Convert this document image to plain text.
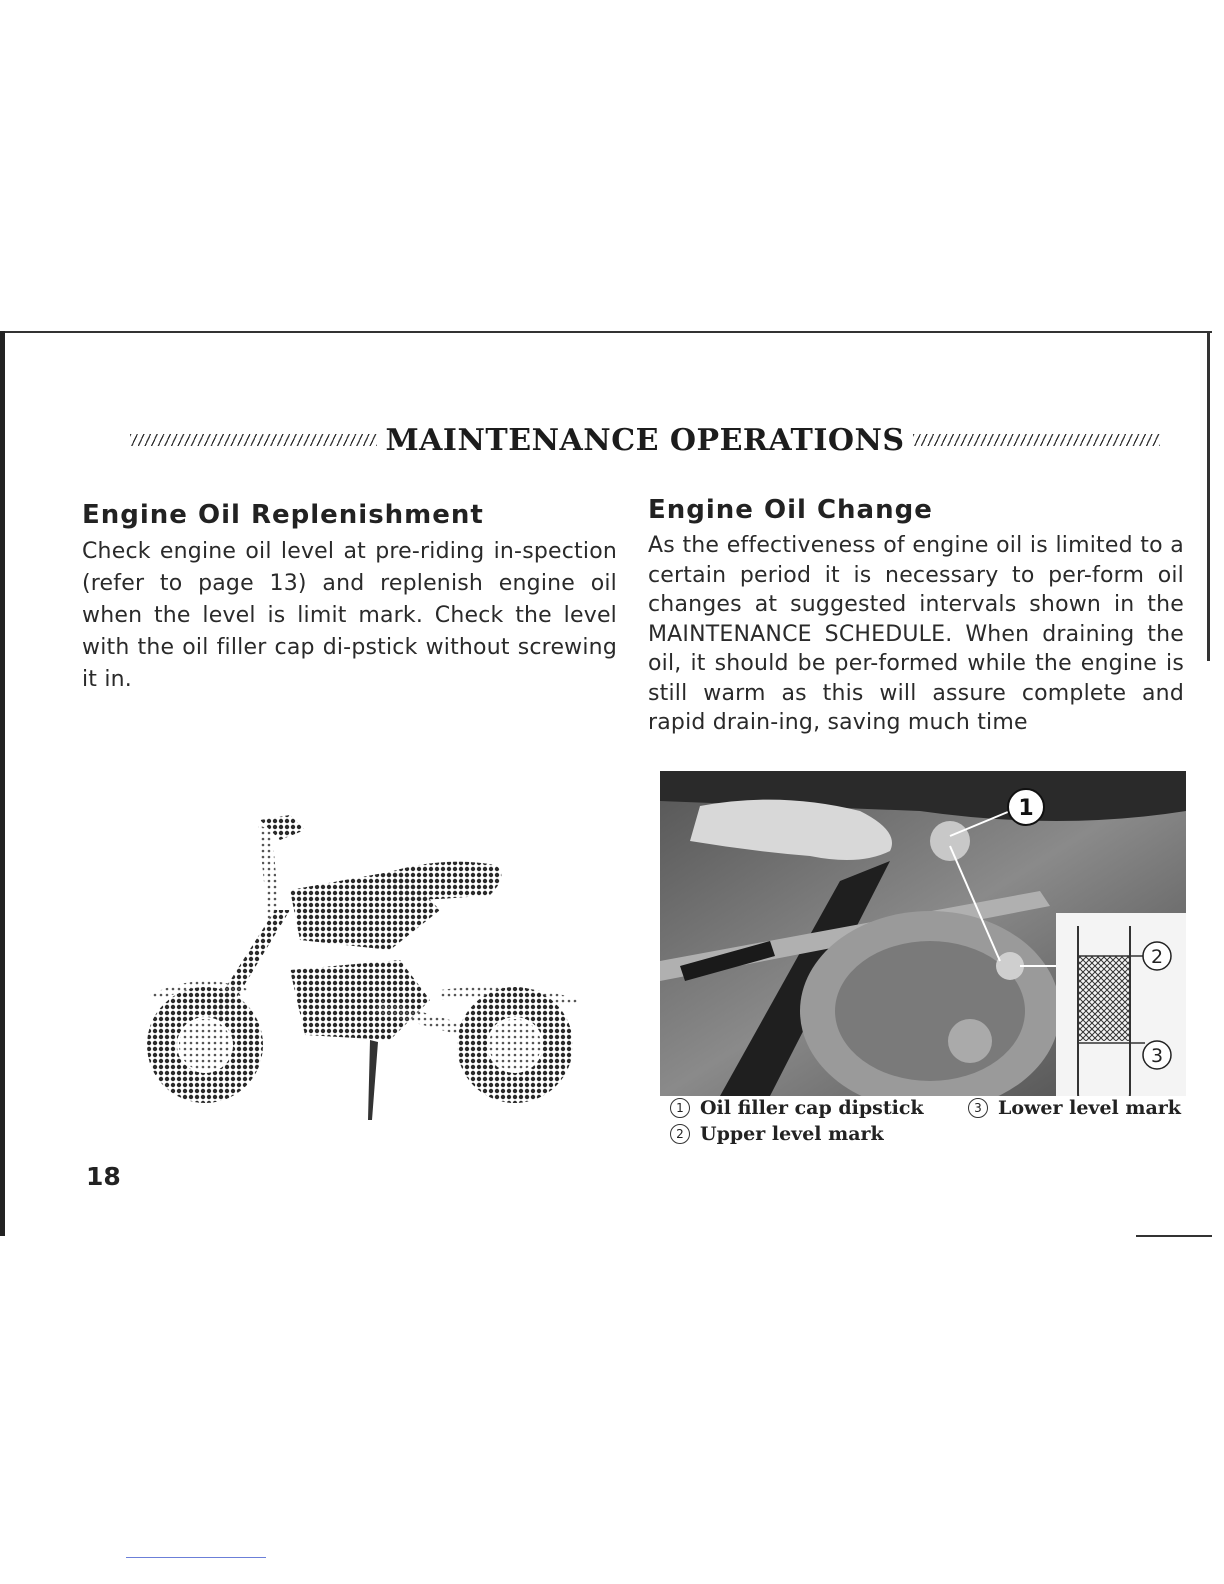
MAINTENANCE OPERATIONS
Engine Oil Replenishment

Check engine oil level at pre-riding in-spection (refer to page 13) and replenish engine oil when the level is limit mark. Check the level with the oil filler cap di-pstick without screwing it in.

Engine Oil Change

As the effectiveness of engine oil is limited to a certain period it is necessary to per-form oil changes at suggested intervals shown in the MAINTENANCE SCHEDULE. When draining the oil, it should be per-formed while the engine is still warm as this will assure complete and rapid drain-ing, saving much time

1
2
3
1 Oil filler cap dipstick	3 Lower level mark
2 Upper level mark
18
